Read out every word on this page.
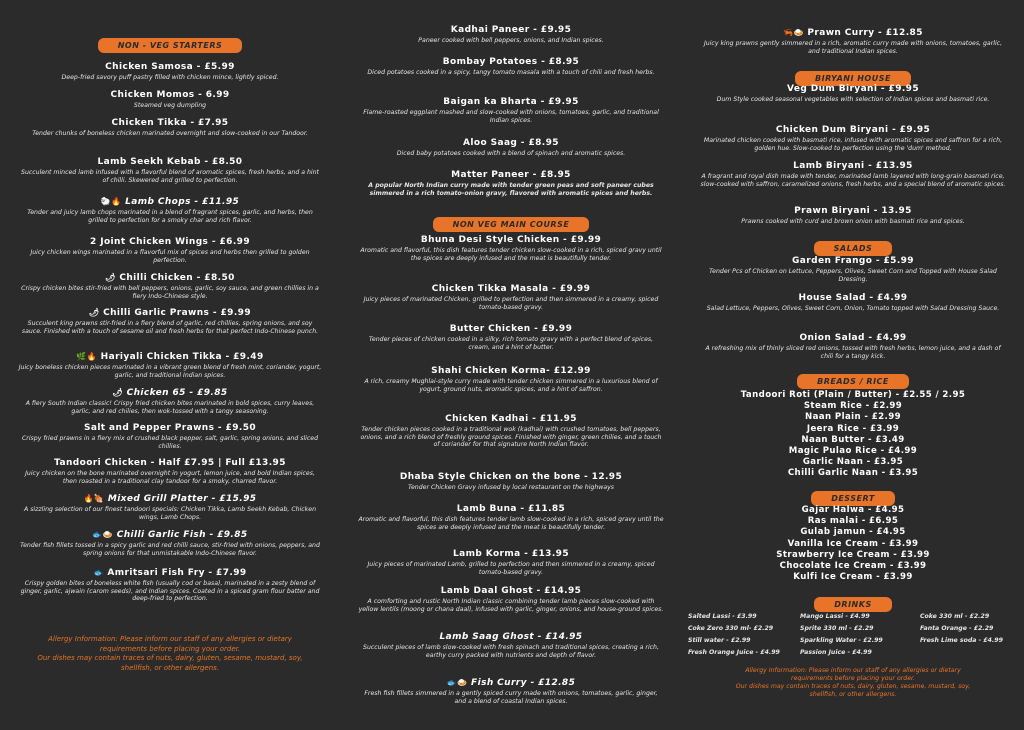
NON - VEG STARTERS
Chicken Samosa - £5.99
Deep-fried savory puff pastry filled with chicken mince, lightly spiced.
Chicken Momos - 6.99
Steamed veg dumpling
Chicken Tikka - £7.95
Tender chunks of boneless chicken marinated overnight and slow-cooked in our Tandoor.
Lamb Seekh Kebab - £8.50
Succulent minced lamb infused with a flavorful blend of aromatic spices, fresh herbs, and a hint of chilli. Skewered and grilled to perfection.
🐑🔥 Lamb Chops - £11.95
Tender and juicy lamb chops marinated in a blend of fragrant spices, garlic, and herbs, then grilled to perfection for a smoky char and rich flavor.
2 Joint Chicken Wings - £6.99
Juicy chicken wings marinated in a flavorful mix of spices and herbs then grilled to golden perfection.
🌶 Chilli Chicken - £8.50
Crispy chicken bites stir-fried with bell peppers, onions, garlic, soy sauce, and green chillies in a fiery Indo-Chinese style.
🌶 Chilli Garlic Prawns - £9.99
Succulent king prawns stir-fried in a fiery blend of garlic, red chillies, spring onions, and soy sauce. Finished with a touch of sesame oil and fresh herbs for that perfect Indo-Chinese punch.
🌿🔥 Hariyali Chicken Tikka - £9.49
Juicy boneless chicken pieces marinated in a vibrant green blend of fresh mint, coriander, yogurt, garlic, and traditional Indian spices.
🌶 Chicken 65 - £9.85
A fiery South Indian classic! Crispy fried chicken bites marinated in bold spices, curry leaves, garlic, and red chilies, then wok-tossed with a tangy seasoning.
Salt and Pepper Prawns - £9.50
Crispy fried prawns in a fiery mix of crushed black pepper, salt, garlic, spring onions, and sliced chillies.
Tandoori Chicken - Half £7.95 | Full £13.95
Juicy chicken on the bone marinated overnight in yogurt, lemon juice, and bold Indian spices, then roasted in a traditional clay tandoor for a smoky, charred flavor.
🔥🍖 Mixed Grill Platter - £15.95
A sizzling selection of our finest tandoori specials: Chicken Tikka, Lamb Seekh Kebab, Chicken wings, Lamb Chops.
🐟🍛 Chilli Garlic Fish - £9.85
Tender fish fillets tossed in a spicy garlic and red chilli sauce, stir-fried with onions, peppers, and spring onions for that unmistakable Indo-Chinese flavor.
🐟 Amritsari Fish Fry - £7.99
Crispy golden bites of boneless white fish (usually cod or basa), marinated in a zesty blend of ginger, garlic, ajwain (carom seeds), and Indian spices. Coated in a spiced gram flour batter and deep-fried to perfection.
Allergy Information: Please inform our staff of any allergies or dietary
requirements before placing your order.
Our dishes may contain traces of nuts, dairy, gluten, sesame, mustard, soy,
shellfish, or other allergens.
Kadhai Paneer - £9.95
Paneer cooked with bell peppers, onions, and Indian spices.
Bombay Potatoes - £8.95
Diced potatoes cooked in a spicy, tangy tomato masala with a touch of chili and fresh herbs.
Baigan ka Bharta - £9.95
Flame-roasted eggplant mashed and slow-cooked with onions, tomatoes, garlic, and traditional Indian spices.
Aloo Saag - £8.95
Diced baby potatoes cooked with a blend of spinach and aromatic spices.
Matter Paneer - £8.95
A popular North Indian curry made with tender green peas and soft paneer cubes simmered in a rich tomato-onion gravy, flavored with aromatic spices and herbs.
NON VEG MAIN COURSE
Bhuna Desi Style Chicken - £9.99
Aromatic and flavorful, this dish features tender chicken slow-cooked in a rich, spiced gravy until the spices are deeply infused and the meat is beautifully tender.
Chicken Tikka Masala - £9.99
Juicy pieces of marinated Chicken, grilled to perfection and then simmered in a creamy, spiced tomato-based gravy.
Butter Chicken - £9.99
Tender pieces of chicken cooked in a silky, rich tomato gravy with a perfect blend of spices, cream, and a hint of butter.
Shahi Chicken Korma- £12.99
A rich, creamy Mughlai-style curry made with tender chicken simmered in a luxurious blend of yogurt, ground nuts, aromatic spices, and a hint of saffron.
Chicken Kadhai - £11.95
Tender chicken pieces cooked in a traditional wok (kadhai) with crushed tomatoes, bell peppers, onions, and a rich blend of freshly ground spices. Finished with ginger, green chilies, and a touch of coriander for that signature North Indian flavor.
Dhaba Style Chicken on the bone - 12.95
Tender Chicken Gravy infused by local restaurant on the highways
Lamb Buna - £11.85
Aromatic and flavorful, this dish features tender lamb slow-cooked in a rich, spiced gravy until the spices are deeply infused and the meat is beautifully tender.
Lamb Korma - £13.95
Juicy pieces of marinated Lamb, grilled to perfection and then simmered in a creamy, spiced tomato-based gravy.
Lamb Daal Ghost - £14.95
A comforting and rustic North Indian classic combining tender lamb pieces slow-cooked with yellow lentils (moong or chana daal), infused with garlic, ginger, onions, and house-ground spices.
Lamb Saag Ghost - £14.95
Succulent pieces of lamb slow-cooked with fresh spinach and traditional spices, creating a rich, earthy curry packed with nutrients and depth of flavor.
🐟🍛 Fish Curry - £12.85
Fresh fish fillets simmered in a gently spiced curry made with onions, tomatoes, garlic, ginger, and a blend of coastal Indian spices.
🦐🍛 Prawn Curry - £12.85
Juicy king prawns gently simmered in a rich, aromatic curry made with onions, tomatoes, garlic, and traditional Indian spices.
BIRYANI HOUSE
Veg Dum Biryani - £9.95
Dum Style cooked seasonal vegetables with selection of Indian spices and basmati rice.
Chicken Dum Biryani - £9.95
Marinated chicken cooked with basmati rice, infused with aromatic spices and saffron for a rich, golden hue. Slow-cooked to perfection using the 'dum' method,
Lamb Biryani - £13.95
A fragrant and royal dish made with tender, marinated lamb layered with long-grain basmati rice, slow-cooked with saffron, caramelized onions, fresh herbs, and a special blend of aromatic spices.
Prawn Biryani - 13.95
Prawns cooked with curd and brown onion with basmati rice and spices.
SALADS
Garden Frango - £5.99
Tender Pcs of Chicken on Lettuce, Peppers, Olives, Sweet Corn and Topped with House Salad Dressing.
House Salad - £4.99
Salad Lettuce, Peppers, Olives, Sweet Corn, Onion, Tomato topped with Salad Dressing Sauce.
Onion Salad - £4.99
A refreshing mix of thinly sliced red onions, tossed with fresh herbs, lemon juice, and a dash of chili for a tangy kick.
BREADS / RICE
Tandoori Roti (Plain / Butter) - £2.55 / 2.95
Steam Rice - £2.99
Naan Plain - £2.99
Jeera Rice - £3.99
Naan Butter - £3.49
Magic Pulao Rice - £4.99
Garlic Naan - £3.95
Chilli Garlic Naan - £3.95
DESSERT
Gajar Halwa - £4.95
Ras malai - £6.95
Gulab jamun - £4.95
Vanilla Ice Cream - £3.99
Strawberry Ice Cream - £3.99
Chocolate Ice Cream - £3.99
Kulfi Ice Cream - £3.99
DRINKS
Salted Lassi - £3.99	Mango Lassi - £4.99	Coke 330 ml - £2.29
Coke Zero 330 ml- £2.29	Sprite 330 ml - £2.29	Fanta Orange - £2.29
Still water - £2.99	Sparkling Water - £2.99	Fresh Lime soda - £4.99
Fresh Orange Juice - £4.99	Passion Juice - £4.99
Allergy Information: Please inform our staff of any allergies or dietary
requirements before placing your order.
Our dishes may contain traces of nuts, dairy, gluten, sesame, mustard, soy,
shellfish, or other allergens.
